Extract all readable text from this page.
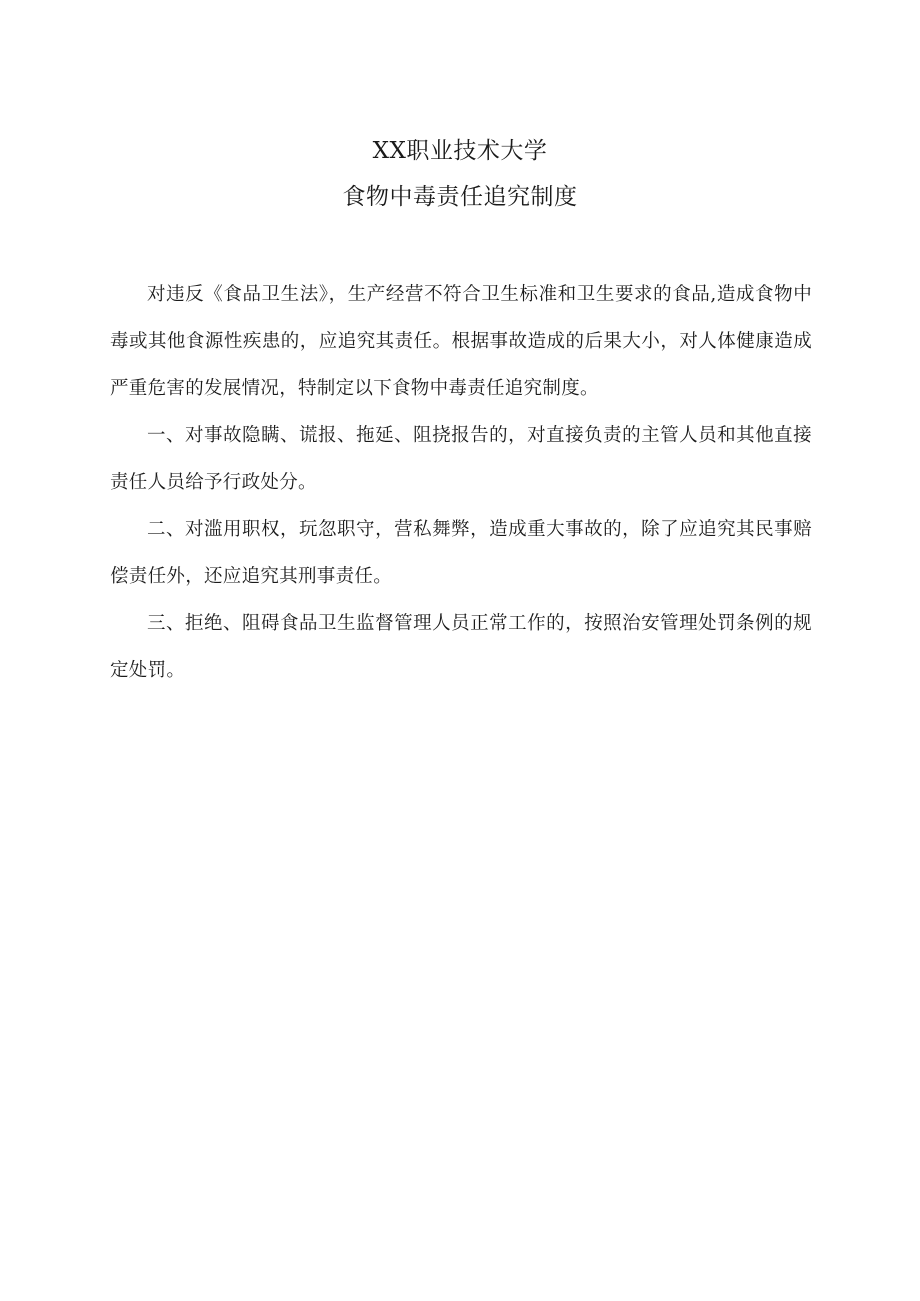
XX职业技术大学
食物中毒责任追究制度

对违反《食品卫生法》，生产经营不符合卫生标准和卫生要求的食品,造成食物中毒或其他食源性疾患的，应追究其责任。根据事故造成的后果大小，对人体健康造成严重危害的发展情况，特制定以下食物中毒责任追究制度。

一、对事故隐瞒、谎报、拖延、阻挠报告的，对直接负责的主管人员和其他直接责任人员给予行政处分。

二、对滥用职权，玩忽职守，营私舞弊，造成重大事故的，除了应追究其民事赔偿责任外，还应追究其刑事责任。

三、拒绝、阻碍食品卫生监督管理人员正常工作的，按照治安管理处罚条例的规定处罚。
